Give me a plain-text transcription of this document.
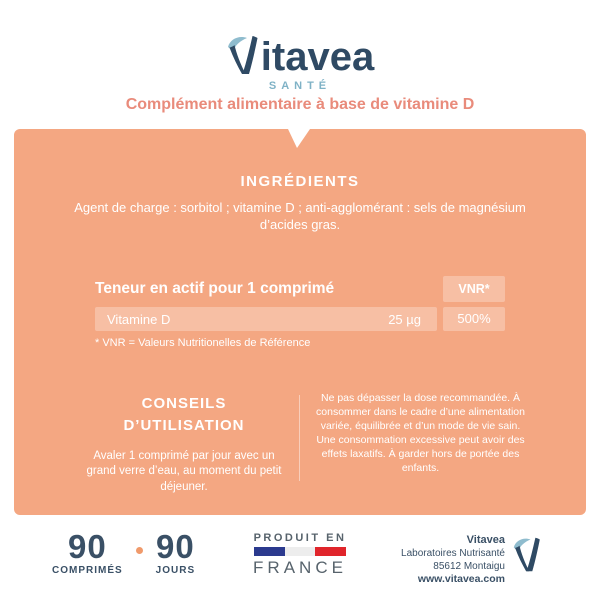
itavea
SANTÉ
Complément alimentaire à base de vitamine D
INGRÉDIENTS
Agent de charge : sorbitol ; vitamine D ; anti-agglomérant : sels de magnésium d’acides gras.
Teneur en actif pour 1 comprimé	VNR*
Vitamine D	25 µg	500%
* VNR = Valeurs Nutritionelles de Référence
CONSEILS D’UTILISATION
Avaler 1 comprimé par jour avec un grand verre d’eau, au moment du petit déjeuner.
Ne pas dépasser la dose recommandée. À consommer dans le cadre d’une alimentation variée, équilibrée et d’un mode de vie sain. Une consommation excessive peut avoir des effets laxatifs. À garder hors de portée des enfants.
90
COMPRIMÉS
90
JOURS
PRODUIT EN
FRANCE
Vitavea
Laboratoires Nutrisanté
85612 Montaigu
www.vitavea.com
